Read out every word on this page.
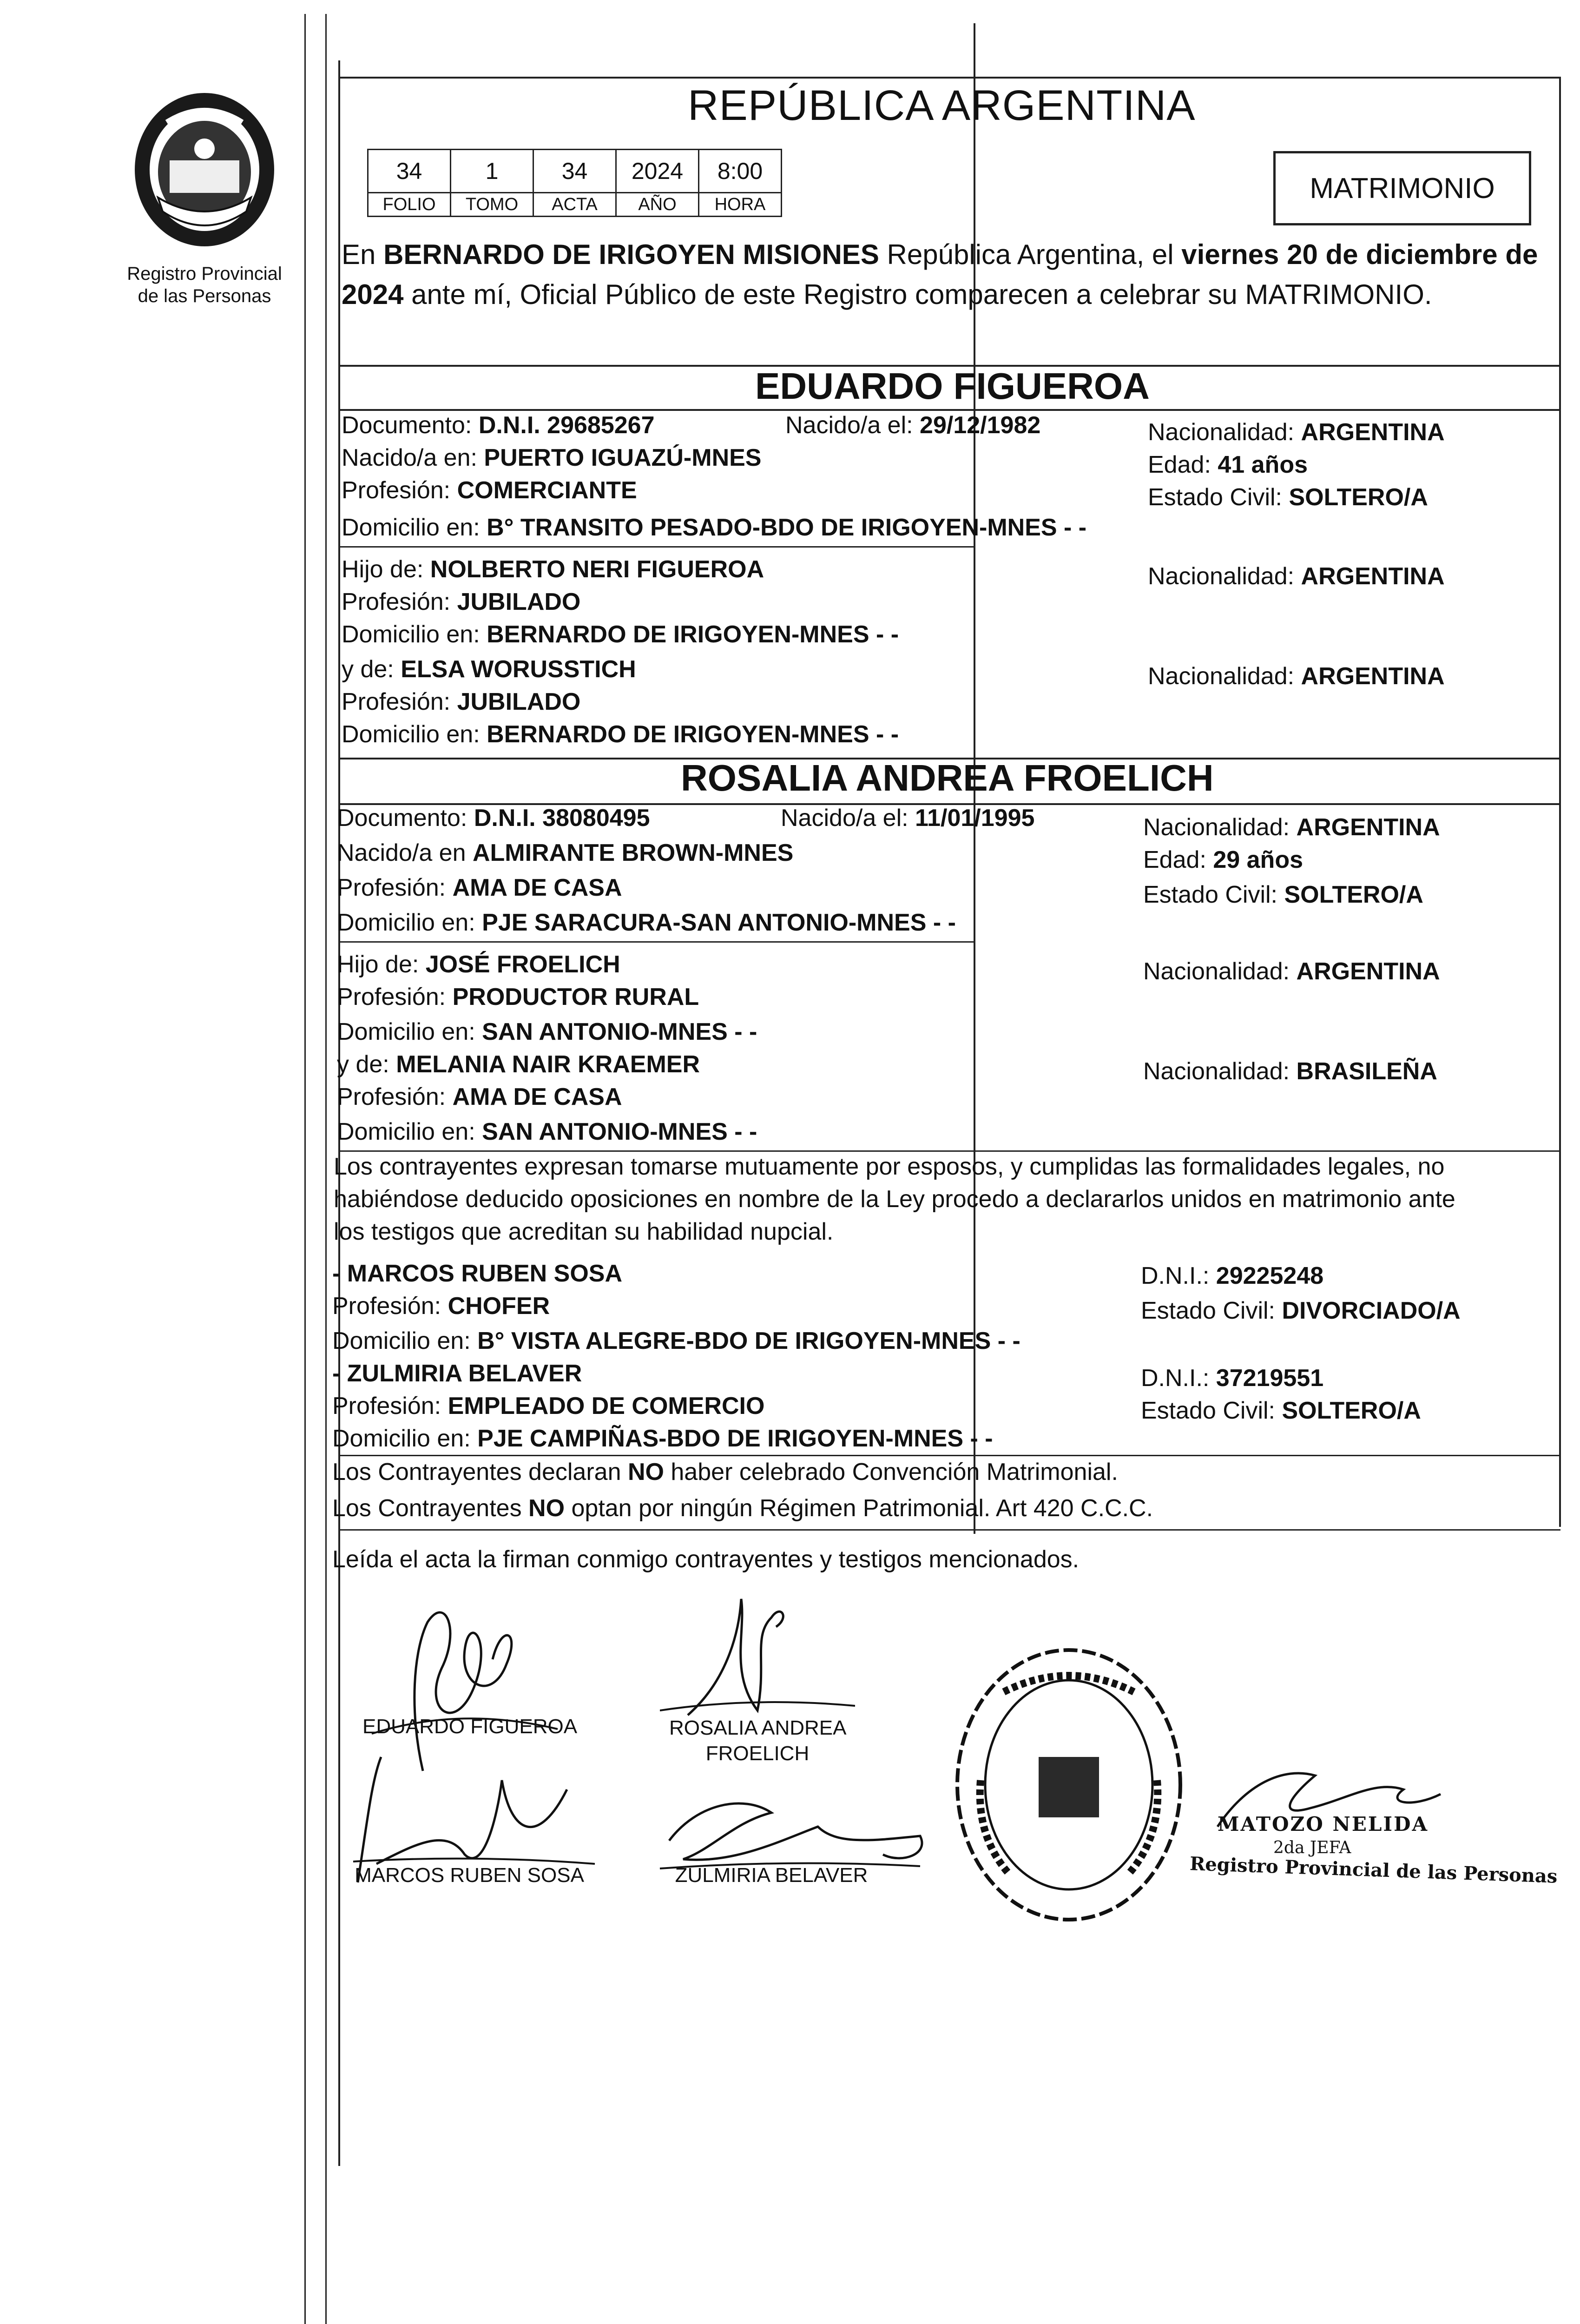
Registro Provincial
de las Personas
REPÚBLICA ARGENTINA
34	1	34	2024	8:00
FOLIO	TOMO	ACTA	AÑO	HORA	MATRIMONIO
En BERNARDO DE IRIGOYEN MISIONES República Argentina, el viernes 20 de diciembre de 2024 ante mí, Oficial Público de este Registro comparecen a celebrar su MATRIMONIO.
EDUARDO FIGUEROA
Documento: D.N.I. 29685267	Nacido/a el: 29/12/1982	Nacionalidad: ARGENTINA
Nacido/a en: PUERTO IGUAZÚ-MNES	Edad: 41 años
Profesión: COMERCIANTE	Estado Civil: SOLTERO/A
Domicilio en: B° TRANSITO PESADO-BDO DE IRIGOYEN-MNES - -
Hijo de: NOLBERTO NERI FIGUEROA	Nacionalidad: ARGENTINA
Profesión: JUBILADO
Domicilio en: BERNARDO DE IRIGOYEN-MNES - -
y de: ELSA WORUSSTICH	Nacionalidad: ARGENTINA
Profesión: JUBILADO
Domicilio en: BERNARDO DE IRIGOYEN-MNES - -
ROSALIA ANDREA FROELICH
Documento: D.N.I. 38080495	Nacido/a el: 11/01/1995	Nacionalidad: ARGENTINA
Nacido/a en ALMIRANTE BROWN-MNES	Edad: 29 años
Profesión: AMA DE CASA	Estado Civil: SOLTERO/A
Domicilio en: PJE SARACURA-SAN ANTONIO-MNES - -
Hijo de: JOSÉ FROELICH	Nacionalidad: ARGENTINA
Profesión: PRODUCTOR RURAL
Domicilio en: SAN ANTONIO-MNES - -
y de: MELANIA NAIR KRAEMER	Nacionalidad: BRASILEÑA
Profesión: AMA DE CASA
Domicilio en: SAN ANTONIO-MNES - -
Los contrayentes expresan tomarse mutuamente por esposos, y cumplidas las formalidades legales, no
habiéndose deducido oposiciones en nombre de la Ley procedo a declararlos unidos en matrimonio ante
los testigos que acreditan su habilidad nupcial.
- MARCOS RUBEN SOSA	D.N.I.: 29225248
Profesión: CHOFER	Estado Civil: DIVORCIADO/A
Domicilio en: B° VISTA ALEGRE-BDO DE IRIGOYEN-MNES - -
- ZULMIRIA BELAVER	D.N.I.: 37219551
Profesión: EMPLEADO DE COMERCIO	Estado Civil: SOLTERO/A
Domicilio en: PJE CAMPIÑAS-BDO DE IRIGOYEN-MNES - -
Los Contrayentes declaran NO haber celebrado Convención Matrimonial.
Los Contrayentes NO optan por ningún Régimen Patrimonial. Art 420 C.C.C.
Leída el acta la firman conmigo contrayentes y testigos mencionados.
EDUARDO FIGUEROA	ROSALIA ANDREA
FROELICH
MARCOS RUBEN SOSA	ZULMIRIA BELAVER
MATOZO NELIDA
2da JEFA
Registro Provincial de las Personas
